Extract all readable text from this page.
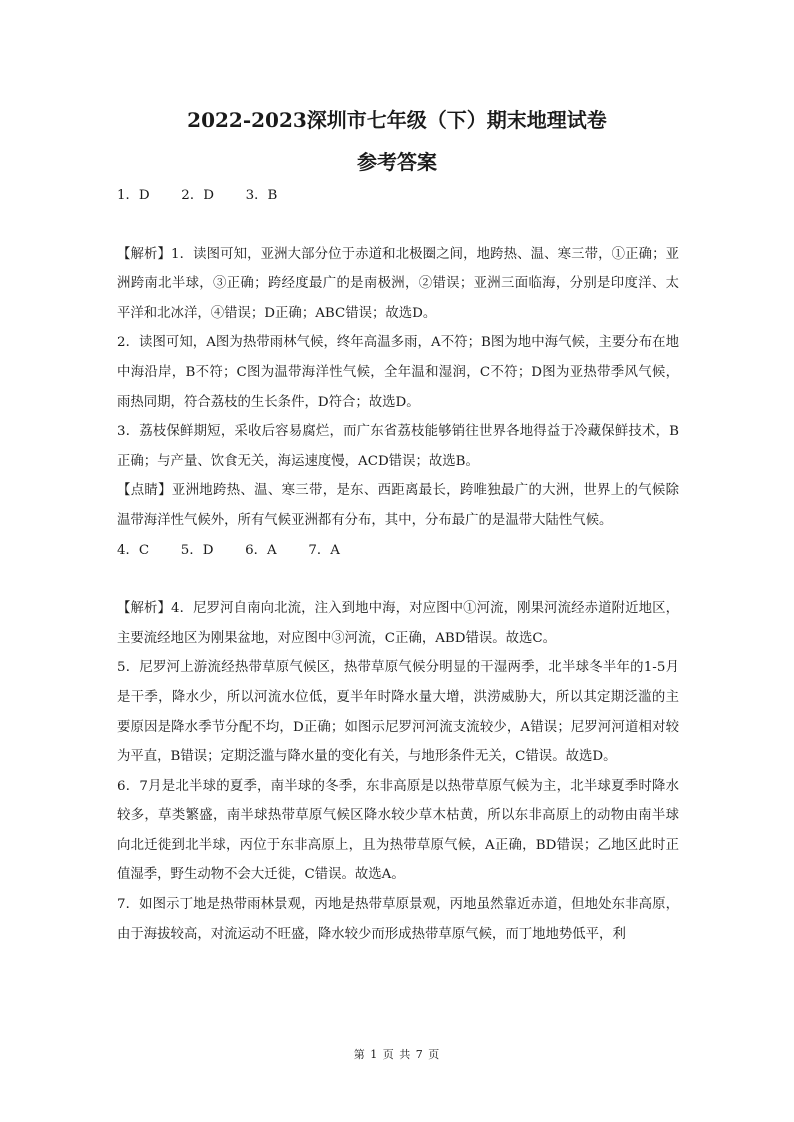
2022-2023深圳市七年级（下）期末地理试卷
参考答案

1．D　 2．D　 3．B

【解析】1．读图可知，亚洲大部分位于赤道和北极圈之间，地跨热、温、寒三带，①正确；亚洲跨南北半球，③正确；跨经度最广的是南极洲，②错误；亚洲三面临海，分别是印度洋、太平洋和北冰洋，④错误；D正确；ABC错误；故选D。

2．读图可知，A图为热带雨林气候，终年高温多雨，A不符；B图为地中海气候，主要分布在地中海沿岸，B不符；C图为温带海洋性气候，全年温和湿润，C不符；D图为亚热带季风气候，雨热同期，符合荔枝的生长条件，D符合；故选D。

3．荔枝保鲜期短，采收后容易腐烂，而广东省荔枝能够销往世界各地得益于冷藏保鲜技术，B正确；与产量、饮食无关，海运速度慢，ACD错误；故选B。

【点睛】亚洲地跨热、温、寒三带，是东、西距离最长，跨唯独最广的大洲，世界上的气候除温带海洋性气候外，所有气候亚洲都有分布，其中，分布最广的是温带大陆性气候。

4．C　 5．D　 6．A　 7．A

【解析】4．尼罗河自南向北流，注入到地中海，对应图中①河流，刚果河流经赤道附近地区，主要流经地区为刚果盆地，对应图中③河流，C正确，ABD错误。故选C。

5．尼罗河上游流经热带草原气候区，热带草原气候分明显的干湿两季，北半球冬半年的1-5月是干季，降水少，所以河流水位低，夏半年时降水量大增，洪涝威胁大，所以其定期泛滥的主要原因是降水季节分配不均，D正确；如图示尼罗河河流支流较少，A错误；尼罗河河道相对较为平直，B错误；定期泛滥与降水量的变化有关，与地形条件无关，C错误。故选D。

6．7月是北半球的夏季，南半球的冬季，东非高原是以热带草原气候为主，北半球夏季时降水较多，草类繁盛，南半球热带草原气候区降水较少草木枯黄，所以东非高原上的动物由南半球向北迁徙到北半球，丙位于东非高原上，且为热带草原气候，A正确，BD错误；乙地区此时正值湿季，野生动物不会大迁徙，C错误。故选A。

7．如图示丁地是热带雨林景观，丙地是热带草原景观，丙地虽然靠近赤道，但地处东非高原，由于海拔较高，对流运动不旺盛，降水较少而形成热带草原气候，而丁地地势低平，利

第 1 页 共 7 页
